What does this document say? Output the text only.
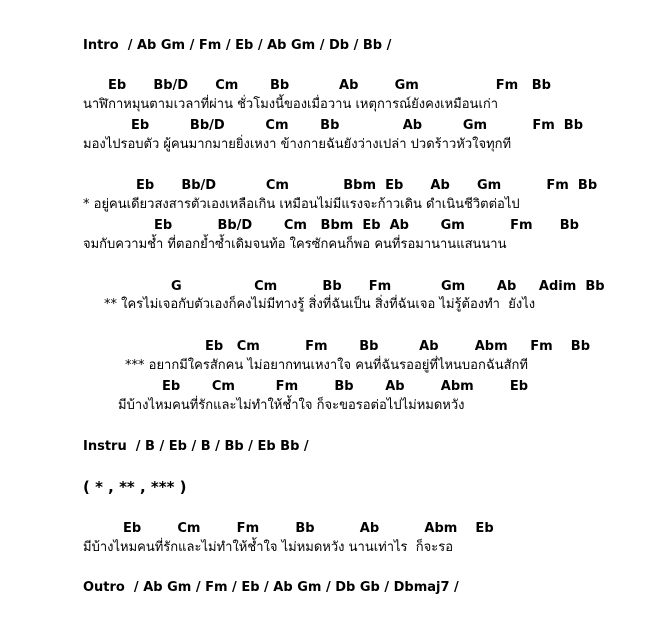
Intro  / Ab Gm / Fm / Eb / Ab Gm / Db / Bb /
Eb      Bb/D      Cm       Bb           Ab        Gm                 Fm   Bb
นาฬิกาหมุนตามเวลาที่ผ่าน ชั่วโมงนี้ของเมื่อวาน เหตุการณ์ยังคงเหมือนเก่า
Eb         Bb/D         Cm       Bb              Ab         Gm          Fm  Bb
มองไปรอบตัว ผู้คนมากมายยิ่งเหงา ข้างกายฉันยังว่างเปล่า ปวดร้าวหัวใจทุกที
Eb      Bb/D           Cm            Bbm  Eb      Ab      Gm          Fm  Bb
* อยู่คนเดียวสงสารตัวเองเหลือเกิน เหมือนไม่มีแรงจะก้าวเดิน ดำเนินชีวิตต่อไป
Eb          Bb/D       Cm   Bbm  Eb  Ab       Gm          Fm      Bb
จมกับความช้ำ ที่ตอกย้ำซ้ำเดิมจนท้อ ใครซักคนก็พอ คนที่รอมานานแสนนาน
G                Cm          Bb      Fm           Gm       Ab     Adim  Bb
** ใครไม่เจอกับตัวเองก็คงไม่มีทางรู้ สิ่งที่ฉันเป็น สิ่งที่ฉันเจอ ไม่รู้ต้องทำ  ยังไง
Eb   Cm          Fm       Bb         Ab        Abm     Fm    Bb
*** อยากมีใครสักคน ไม่อยากทนเหงาใจ คนที่ฉันรออยู่ที่ไหนบอกฉันสักที
Eb       Cm         Fm        Bb       Ab        Abm        Eb
มีบ้างไหมคนที่รักและไม่ทำให้ช้ำใจ ก็จะขอรอต่อไปไม่หมดหวัง
Instru  / B / Eb / B / Bb / Eb Bb /
( * , ** , *** )
Eb        Cm        Fm        Bb          Ab          Abm    Eb
มีบ้างไหมคนที่รักและไม่ทำให้ช้ำใจ ไม่หมดหวัง นานเท่าไร  ก็จะรอ
Outro  / Ab Gm / Fm / Eb / Ab Gm / Db Gb / Dbmaj7 /
